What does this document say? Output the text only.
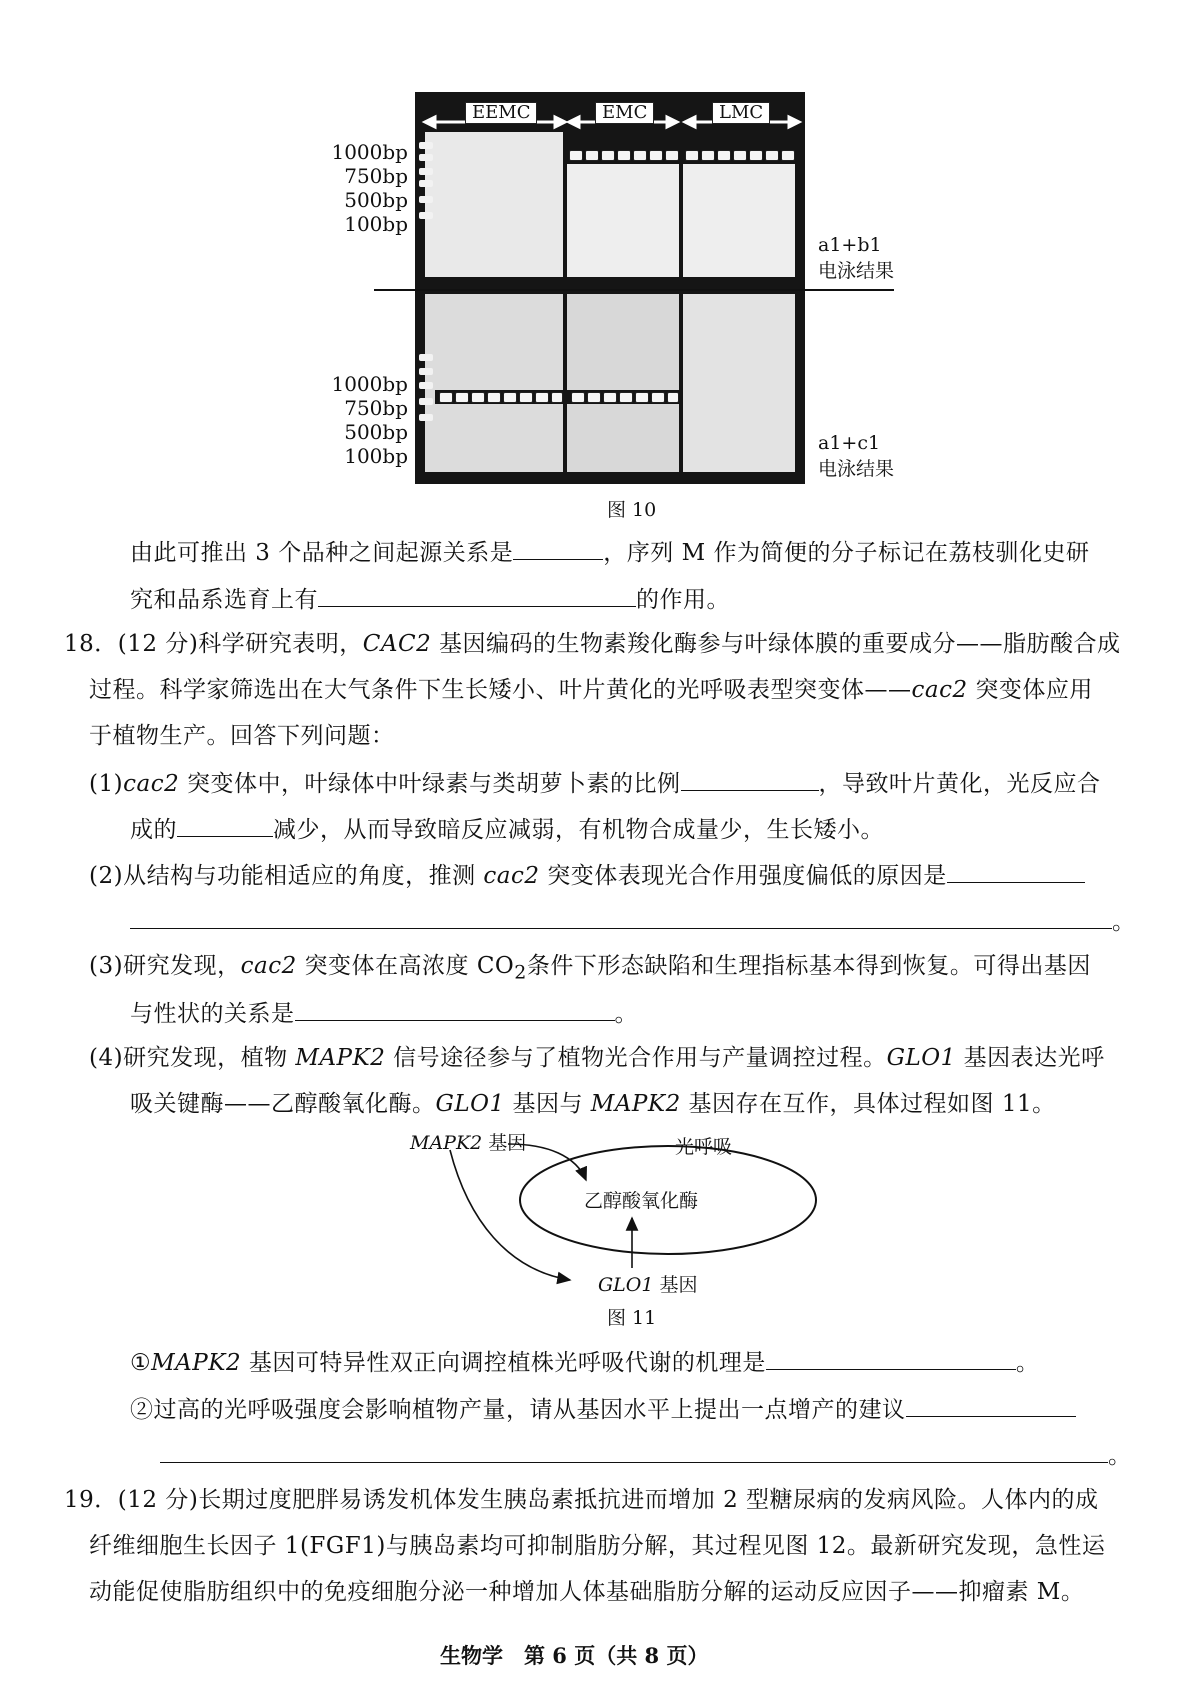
1000bp
750bp
500bp
100bp
1000bp
750bp
500bp
100bp
EEMC	EMC	LMC
a1+b1
电泳结果
a1+c1
电泳结果
图 10
由此可推出 3 个品种之间起源关系是	，序列 M 作为简便的分子标记在荔枝驯化史研
究和品系选育上有	的作用。
18．(12 分)科学研究表明，CAC2 基因编码的生物素羧化酶参与叶绿体膜的重要成分——脂肪酸合成
过程。科学家筛选出在大气条件下生长矮小、叶片黄化的光呼吸表型突变体——cac2 突变体应用
于植物生产。回答下列问题：
(1)cac2 突变体中，叶绿体中叶绿素与类胡萝卜素的比例	，导致叶片黄化，光反应合
成的	减少，从而导致暗反应减弱，有机物合成量少，生长矮小。
(2)从结构与功能相适应的角度，推测 cac2 突变体表现光合作用强度偏低的原因是
。
(3)研究发现，cac2 突变体在高浓度 $CO_2$条件下形态缺陷和生理指标基本得到恢复。可得出基因
与性状的关系是	。
(4)研究发现，植物 MAPK2 信号途径参与了植物光合作用与产量调控过程。GLO1 基因表达光呼
吸关键酶——乙醇酸氧化酶。GLO1 基因与 MAPK2 基因存在互作，具体过程如图 11。
MAPK2 基因	光呼吸
乙醇酸氧化酶
GLO1 基因
图 11
①MAPK2 基因可特异性双正向调控植株光呼吸代谢的机理是	。
②过高的光呼吸强度会影响植物产量，请从基因水平上提出一点增产的建议
。
19．(12 分)长期过度肥胖易诱发机体发生胰岛素抵抗进而增加 2 型糖尿病的发病风险。人体内的成
纤维细胞生长因子 1(FGF1)与胰岛素均可抑制脂肪分解，其过程见图 12。最新研究发现，急性运
动能促使脂肪组织中的免疫细胞分泌一种增加人体基础脂肪分解的运动反应因子——抑瘤素 M。
生物学　第 6 页（共 8 页）
